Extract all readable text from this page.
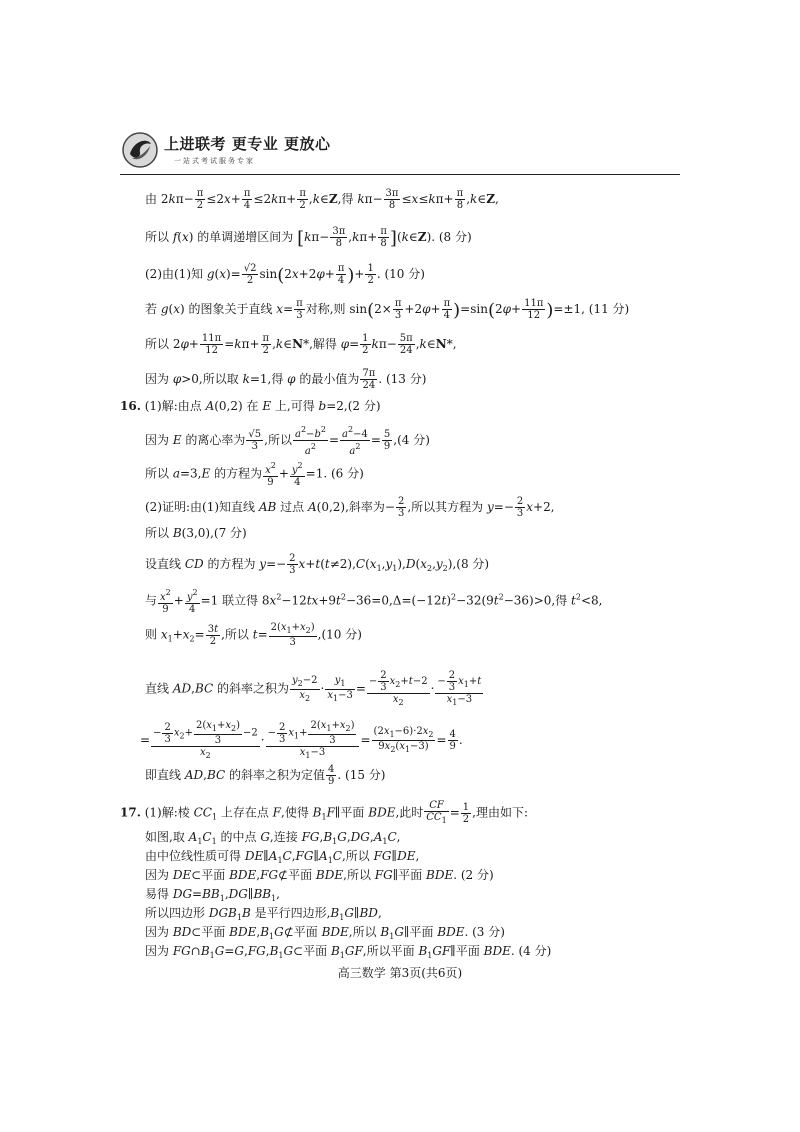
上进联考 更专业 更放心
一站式考试服务专家
由 $2k\pi- \frac{\pi}{2} \le 2x+ \frac{\pi}{4} \le 2k\pi+ \frac{\pi}{2}$ ,k∈Z,得 $k\pi- \frac{3\pi}{8} \le x\le k\pi+ \frac{\pi}{8}$ ,k∈Z,
所以 f(x) 的单调递增区间为 [$k\pi- \frac{3\pi}{8} ,k\pi+ \frac{\pi}{8}$ ](k∈Z). (8 分)
(2)由(1)知 $g(x)= \frac{√2}{2} \sin(2x+2\varphi+ \frac{\pi}{4}$ )+ $\frac{1}{2}$ . (10 分)
若 g(x) 的图象关于直线 $x= \frac{\pi}{3}$ 对称,则 $\sin(2\times \frac{\pi}{3} +2\varphi+ \frac{\pi}{4} )=\sin(2\varphi+ \frac{11\pi}{12} )=\pm 1$, (11 分)
所以 $2\varphi+ \frac{11\pi}{12} =k\pi+ \frac{\pi}{2}$ ,k∈N*,解得 $\varphi= \frac{1}{2} k\pi- \frac{5\pi}{24}$ ,k∈N*,
因为 φ>0,所以取 k=1,得 φ 的最小值为 $\frac{7\pi}{24}$ . (13 分)
16. (1)解:由点 A(0,2) 在 E 上,可得 b=2,(2 分)
因为 E 的离心率为 $\frac{√5}{3}$ ,所以 $\frac{a^2-b^2}{a^2} = \frac{a^2-4}{a^2} = \frac{5}{9} ,(4$ 分)
所以 a=3,E 的方程为 $\frac{x^2}{9} + \frac{y^2}{4} =1$. (6 分)
(2)证明:由(1)知直线 AB 过点 A(0,2),斜率为− $\frac{2}{3}$ ,所以其方程为 $y=- \frac{2}{3} x+2$,
所以 B(3,0),(7 分)
设直线 CD 的方程为 $y=- \frac{2}{3} x+t(t\ne 2),C(x_1,y_1),D(x_2,y_2),(8$ 分)
与 $\frac{x^2}{9} + \frac{y^2}{4} =1$ 联立得 $8x^2-12tx+9t^2-36=0,\Delta=(-12t)^2-32(9t^2-36)>0$,得 $t^2<8$,
则 $x_1+x_2= \frac{3t}{2}$ ,所以 $t= \frac{2(x_1+x_2)}{3} ,(10$ 分)
直线 AD,BC 的斜率之积为 $\frac{y_2-2}{x_2} \cdot \frac{y_1}{x_1-3} = \frac{- \frac{2}{3} x_2+t-2}{x_2} \cdot \frac{- \frac{2}{3} x_1+t}{x_1-3}$
= $\frac{- \frac{2}{3} x_2+ \frac{2(x_1+x_2)}{3} -2}{x_2} \cdot \frac{- \frac{2}{3} x_1+ \frac{2(x_1+x_2)}{3}}{x_1-3} = \frac{(2x_1-6)\cdot 2x_2}{9x_2(x_1-3)} = \frac{4}{9}$ .
即直线 AD,BC 的斜率之积为定值 $\frac{4}{9}$ . (15 分)
17. (1)解:棱 $CC_1$ 上存在点 F,使得 $B_1F\parallel$平面 BDE,此时 $\frac{CF}{CC_1} = \frac{1}{2}$ ,理由如下:
如图,取 $A_1C_1$ 的中点 G,连接 $FG,B_1G,DG,A_1C$,
由中位线性质可得 $DE\parallel A_1C,FG\parallel A_1C$,所以 FG∥DE,
因为 DE⊂平面 BDE,FG⊄平面 BDE,所以 FG∥平面 BDE. (2 分)
易得 $DG=BB_1,DG\parallel BB_1$,
所以四边形 $DGB_1B$ 是平行四边形$,B_1G\parallel BD$,
因为 BD⊂平面 $BDE,B_1G⊄$平面 BDE,所以 $B_1G\parallel$平面 BDE. (3 分)
因为 $FG\cap B_1G=G,FG,B_1G\subset$平面 $B_1GF$,所以平面 $B_1GF\parallel$平面 BDE. (4 分)
高三数学 第3页(共6页)
